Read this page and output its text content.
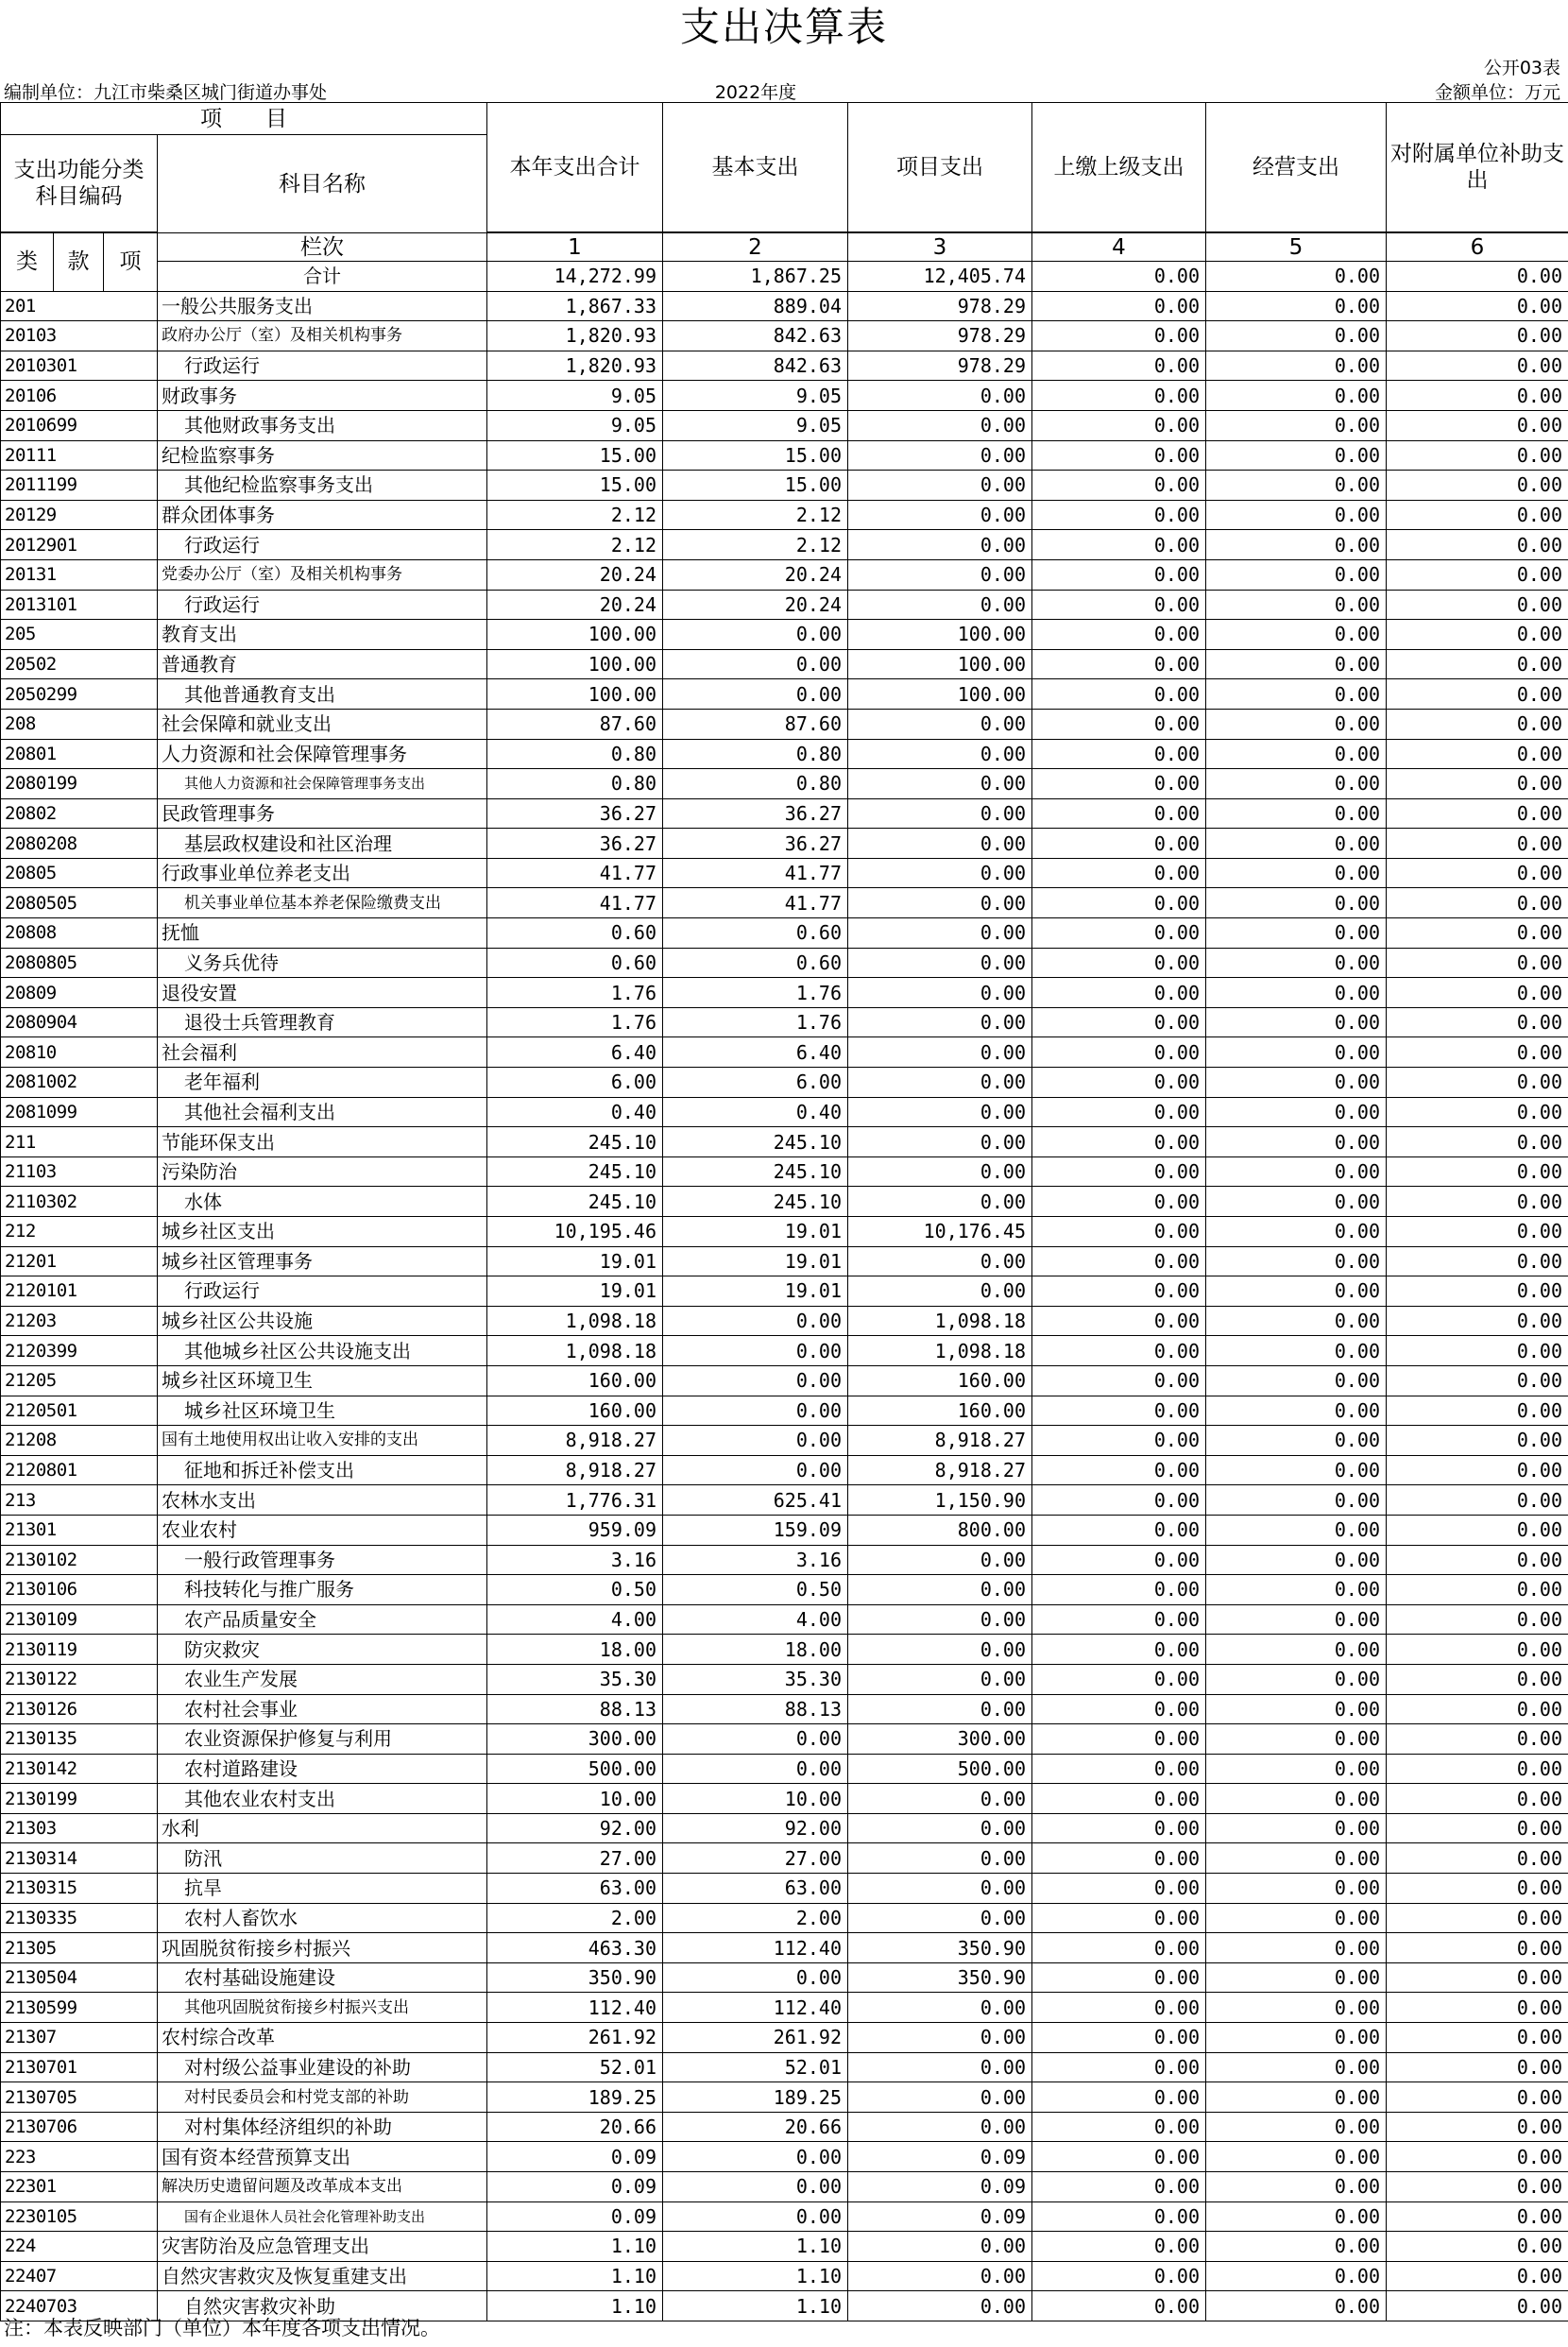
支出决算表
公开03表
编制单位：九江市柴桑区城门街道办事处	2022年度	金额单位：万元
项　　目				本年支出合计	基本支出	项目支出	上缴上级支出	经营支出	对附属单位补助支出
支出功能分类科目编码			科目名称						

类	款	项	栏次	1	2	3	4	5	6
			合计	14,272.99	1,867.25	12,405.74	0.00	0.00	0.00
201			一般公共服务支出	1,867.33	889.04	978.29	0.00	0.00	0.00
20103			政府办公厅（室）及相关机构事务	1,820.93	842.63	978.29	0.00	0.00	0.00
2010301			行政运行	1,820.93	842.63	978.29	0.00	0.00	0.00
20106			财政事务	9.05	9.05	0.00	0.00	0.00	0.00
2010699			其他财政事务支出	9.05	9.05	0.00	0.00	0.00	0.00
20111			纪检监察事务	15.00	15.00	0.00	0.00	0.00	0.00
2011199			其他纪检监察事务支出	15.00	15.00	0.00	0.00	0.00	0.00
20129			群众团体事务	2.12	2.12	0.00	0.00	0.00	0.00
2012901			行政运行	2.12	2.12	0.00	0.00	0.00	0.00
20131			党委办公厅（室）及相关机构事务	20.24	20.24	0.00	0.00	0.00	0.00
2013101			行政运行	20.24	20.24	0.00	0.00	0.00	0.00
205			教育支出	100.00	0.00	100.00	0.00	0.00	0.00
20502			普通教育	100.00	0.00	100.00	0.00	0.00	0.00
2050299			其他普通教育支出	100.00	0.00	100.00	0.00	0.00	0.00
208			社会保障和就业支出	87.60	87.60	0.00	0.00	0.00	0.00
20801			人力资源和社会保障管理事务	0.80	0.80	0.00	0.00	0.00	0.00
2080199			其他人力资源和社会保障管理事务支出	0.80	0.80	0.00	0.00	0.00	0.00
20802			民政管理事务	36.27	36.27	0.00	0.00	0.00	0.00
2080208			基层政权建设和社区治理	36.27	36.27	0.00	0.00	0.00	0.00
20805			行政事业单位养老支出	41.77	41.77	0.00	0.00	0.00	0.00
2080505			机关事业单位基本养老保险缴费支出	41.77	41.77	0.00	0.00	0.00	0.00
20808			抚恤	0.60	0.60	0.00	0.00	0.00	0.00
2080805			义务兵优待	0.60	0.60	0.00	0.00	0.00	0.00
20809			退役安置	1.76	1.76	0.00	0.00	0.00	0.00
2080904			退役士兵管理教育	1.76	1.76	0.00	0.00	0.00	0.00
20810			社会福利	6.40	6.40	0.00	0.00	0.00	0.00
2081002			老年福利	6.00	6.00	0.00	0.00	0.00	0.00
2081099			其他社会福利支出	0.40	0.40	0.00	0.00	0.00	0.00
211			节能环保支出	245.10	245.10	0.00	0.00	0.00	0.00
21103			污染防治	245.10	245.10	0.00	0.00	0.00	0.00
2110302			水体	245.10	245.10	0.00	0.00	0.00	0.00
212			城乡社区支出	10,195.46	19.01	10,176.45	0.00	0.00	0.00
21201			城乡社区管理事务	19.01	19.01	0.00	0.00	0.00	0.00
2120101			行政运行	19.01	19.01	0.00	0.00	0.00	0.00
21203			城乡社区公共设施	1,098.18	0.00	1,098.18	0.00	0.00	0.00
2120399			其他城乡社区公共设施支出	1,098.18	0.00	1,098.18	0.00	0.00	0.00
21205			城乡社区环境卫生	160.00	0.00	160.00	0.00	0.00	0.00
2120501			城乡社区环境卫生	160.00	0.00	160.00	0.00	0.00	0.00
21208			国有土地使用权出让收入安排的支出	8,918.27	0.00	8,918.27	0.00	0.00	0.00
2120801			征地和拆迁补偿支出	8,918.27	0.00	8,918.27	0.00	0.00	0.00
213			农林水支出	1,776.31	625.41	1,150.90	0.00	0.00	0.00
21301			农业农村	959.09	159.09	800.00	0.00	0.00	0.00
2130102			一般行政管理事务	3.16	3.16	0.00	0.00	0.00	0.00
2130106			科技转化与推广服务	0.50	0.50	0.00	0.00	0.00	0.00
2130109			农产品质量安全	4.00	4.00	0.00	0.00	0.00	0.00
2130119			防灾救灾	18.00	18.00	0.00	0.00	0.00	0.00
2130122			农业生产发展	35.30	35.30	0.00	0.00	0.00	0.00
2130126			农村社会事业	88.13	88.13	0.00	0.00	0.00	0.00
2130135			农业资源保护修复与利用	300.00	0.00	300.00	0.00	0.00	0.00
2130142			农村道路建设	500.00	0.00	500.00	0.00	0.00	0.00
2130199			其他农业农村支出	10.00	10.00	0.00	0.00	0.00	0.00
21303			水利	92.00	92.00	0.00	0.00	0.00	0.00
2130314			防汛	27.00	27.00	0.00	0.00	0.00	0.00
2130315			抗旱	63.00	63.00	0.00	0.00	0.00	0.00
2130335			农村人畜饮水	2.00	2.00	0.00	0.00	0.00	0.00
21305			巩固脱贫衔接乡村振兴	463.30	112.40	350.90	0.00	0.00	0.00
2130504			农村基础设施建设	350.90	0.00	350.90	0.00	0.00	0.00
2130599			其他巩固脱贫衔接乡村振兴支出	112.40	112.40	0.00	0.00	0.00	0.00
21307			农村综合改革	261.92	261.92	0.00	0.00	0.00	0.00
2130701			对村级公益事业建设的补助	52.01	52.01	0.00	0.00	0.00	0.00
2130705			对村民委员会和村党支部的补助	189.25	189.25	0.00	0.00	0.00	0.00
2130706			对村集体经济组织的补助	20.66	20.66	0.00	0.00	0.00	0.00
223			国有资本经营预算支出	0.09	0.00	0.09	0.00	0.00	0.00
22301			解决历史遗留问题及改革成本支出	0.09	0.00	0.09	0.00	0.00	0.00
2230105			国有企业退休人员社会化管理补助支出	0.09	0.00	0.09	0.00	0.00	0.00
224			灾害防治及应急管理支出	1.10	1.10	0.00	0.00	0.00	0.00
22407			自然灾害救灾及恢复重建支出	1.10	1.10	0.00	0.00	0.00	0.00
2240703			自然灾害救灾补助	1.10	1.10	0.00	0.00	0.00	0.00
注：本表反映部门（单位）本年度各项支出情况。
